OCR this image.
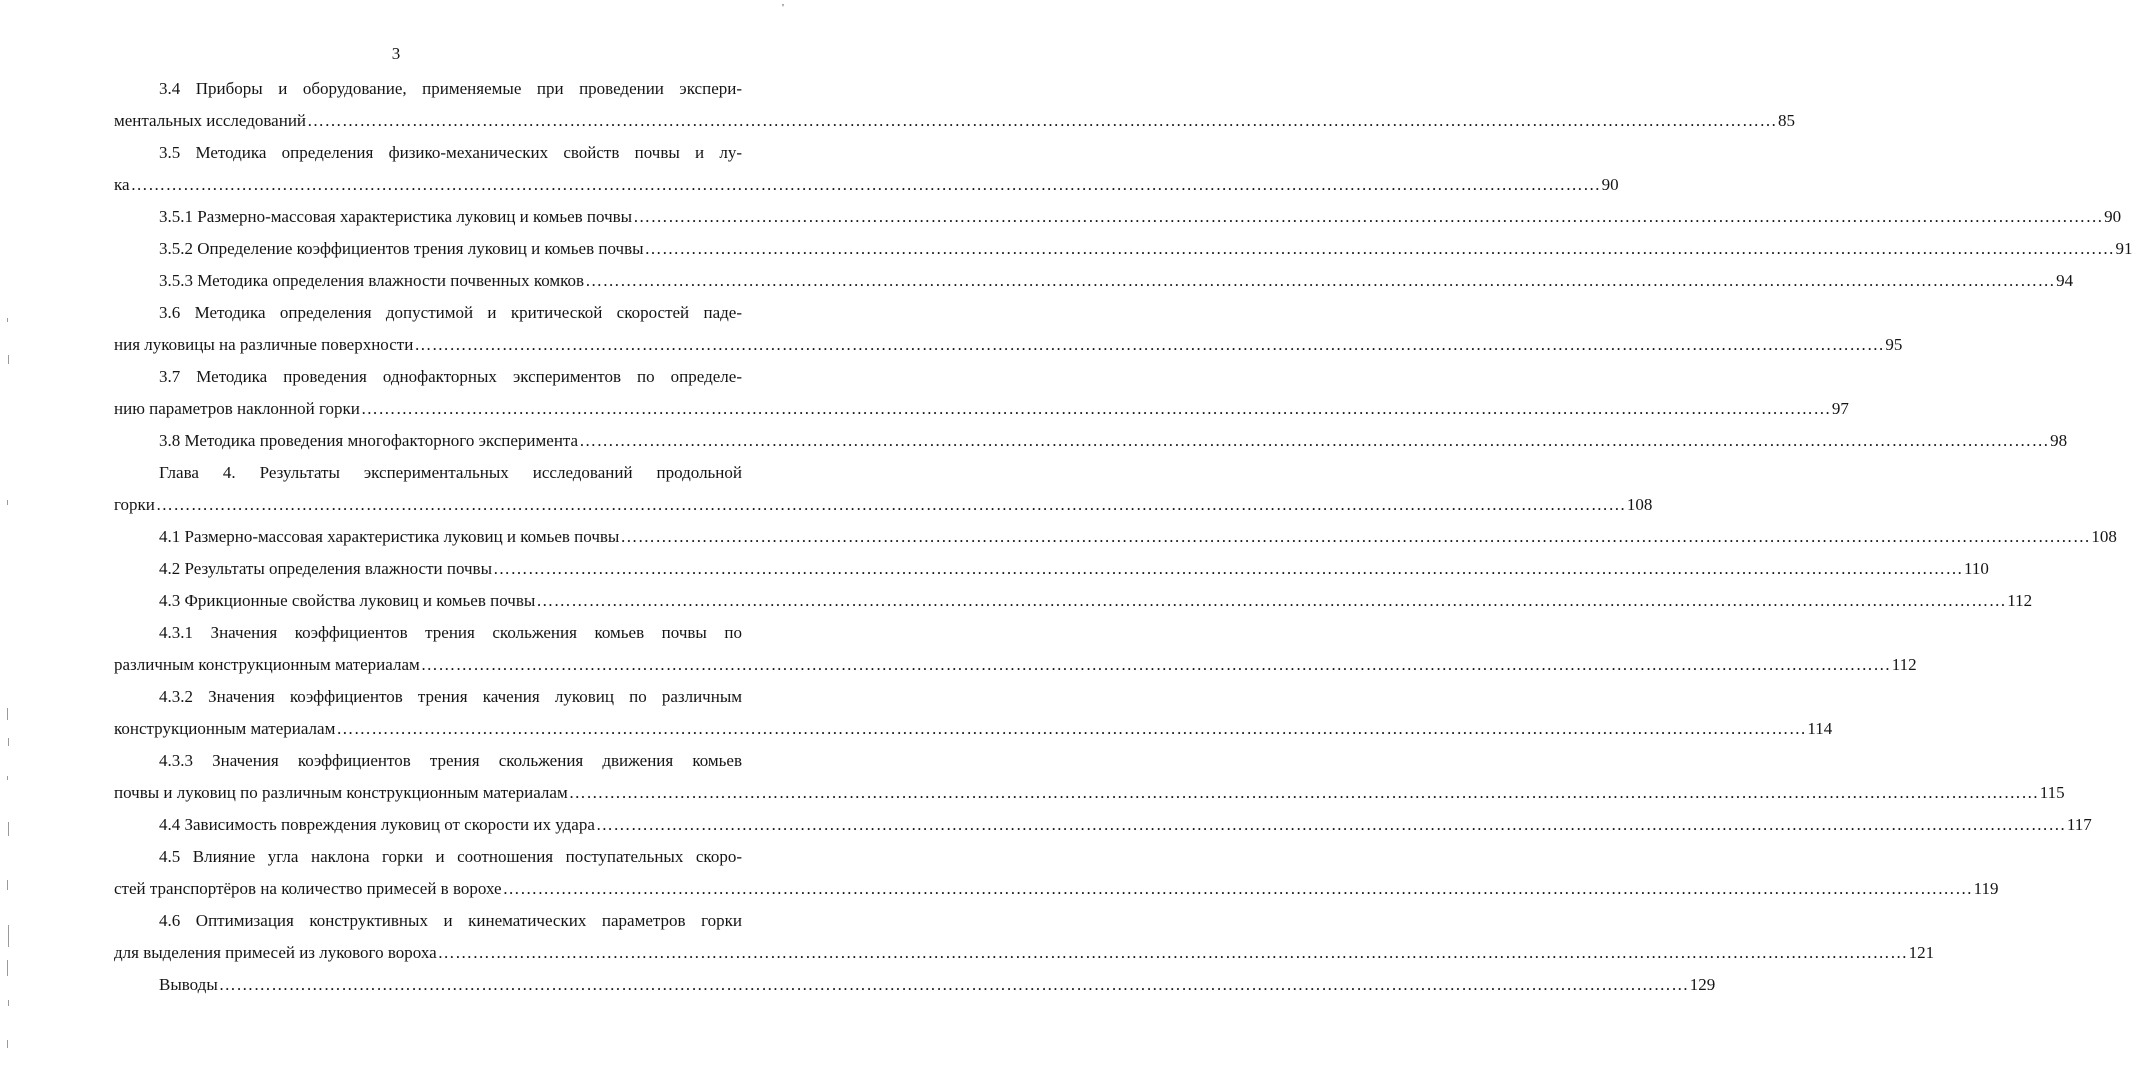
'
3
3.4 Приборы и оборудование, применяемые при проведении экспери-
ментальных исследований ……………………………………………………………………………………………………………………………………………………………………………………………………………………………… 85
3.5 Методика определения физико-механических свойств почвы и лу-
ка ……………………………………………………………………………………………………………………………………………………………………………………………………………………………… 90
3.5.1 Размерно-массовая характеристика луковиц и комьев почвы ……………………………………………………………………………………………………………………………………………………………………………………………………………………………… 90
3.5.2 Определение коэффициентов трения луковиц и комьев почвы ……………………………………………………………………………………………………………………………………………………………………………………………………………………………… 91
3.5.3 Методика определения влажности почвенных комков ……………………………………………………………………………………………………………………………………………………………………………………………………………………………… 94
3.6 Методика определения допустимой и критической скоростей паде-
ния луковицы на различные поверхности ……………………………………………………………………………………………………………………………………………………………………………………………………………………………… 95
3.7 Методика проведения однофакторных экспериментов по определе-
нию параметров наклонной горки ……………………………………………………………………………………………………………………………………………………………………………………………………………………………… 97
3.8 Методика проведения многофакторного эксперимента ……………………………………………………………………………………………………………………………………………………………………………………………………………………………… 98
Глава 4. Результаты экспериментальных исследований продольной
горки ……………………………………………………………………………………………………………………………………………………………………………………………………………………………… 108
4.1 Размерно-массовая характеристика луковиц и комьев почвы ……………………………………………………………………………………………………………………………………………………………………………………………………………………………… 108
4.2 Результаты определения влажности почвы ……………………………………………………………………………………………………………………………………………………………………………………………………………………………… 110
4.3 Фрикционные свойства луковиц и комьев почвы ……………………………………………………………………………………………………………………………………………………………………………………………………………………………… 112
4.3.1 Значения коэффициентов трения скольжения комьев почвы по
различным конструкционным материалам ……………………………………………………………………………………………………………………………………………………………………………………………………………………………… 112
4.3.2 Значения коэффициентов трения качения луковиц по различным
конструкционным материалам ……………………………………………………………………………………………………………………………………………………………………………………………………………………………… 114
4.3.3 Значения коэффициентов трения скольжения движения комьев
почвы и луковиц по различным конструкционным материалам ……………………………………………………………………………………………………………………………………………………………………………………………………………………………… 115
4.4 Зависимость повреждения луковиц от скорости их удара ……………………………………………………………………………………………………………………………………………………………………………………………………………………………… 117
4.5 Влияние угла наклона горки и соотношения поступательных скоро-
стей транспортёров на количество примесей в ворохе ……………………………………………………………………………………………………………………………………………………………………………………………………………………………… 119
4.6 Оптимизация конструктивных и кинематических параметров горки
для выделения примесей из лукового вороха ……………………………………………………………………………………………………………………………………………………………………………………………………………………………… 121
Выводы ……………………………………………………………………………………………………………………………………………………………………………………………………………………………… 129
